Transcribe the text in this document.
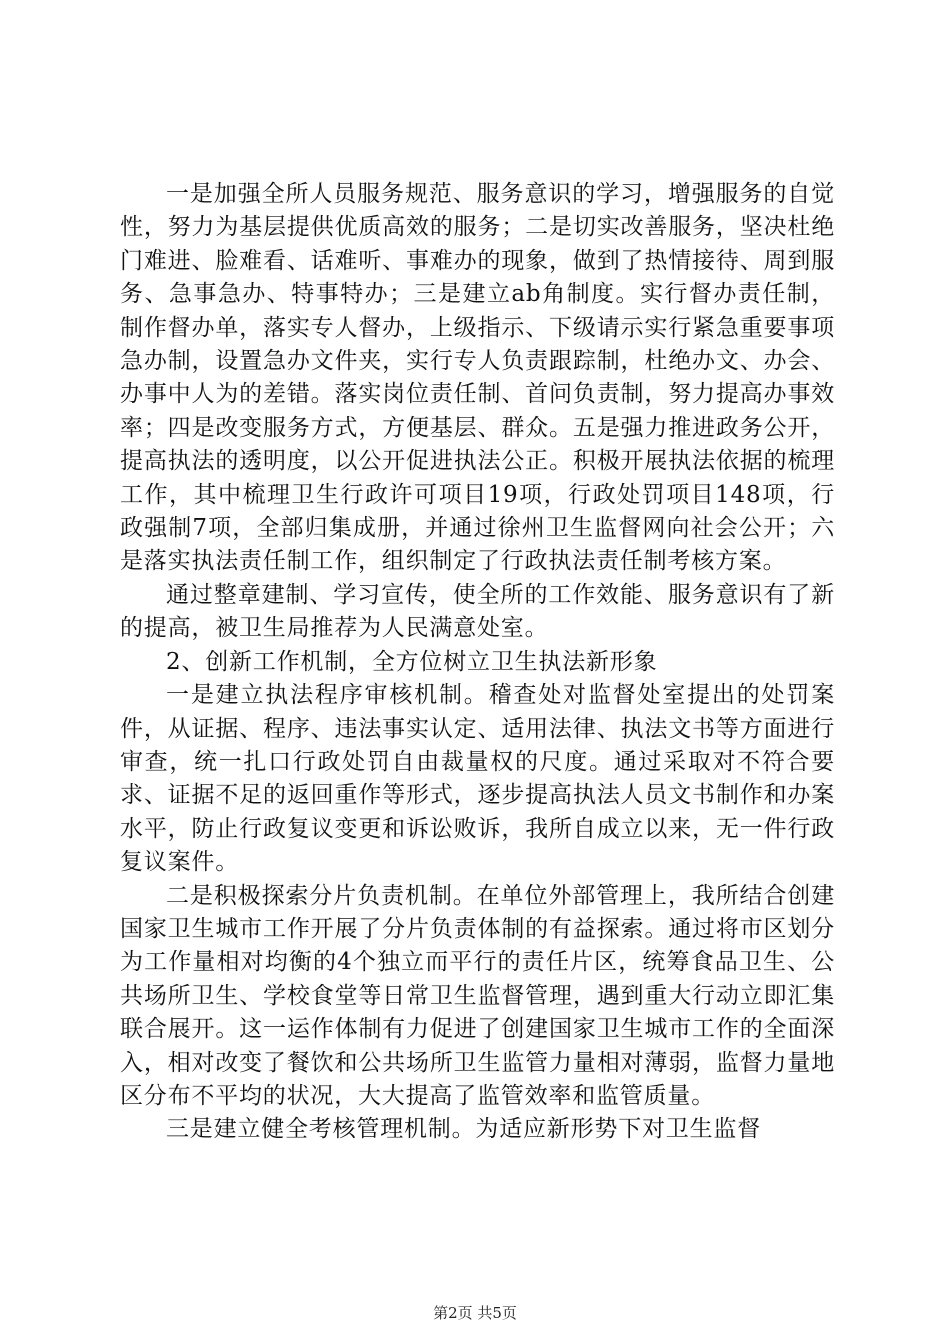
一是加强全所人员服务规范、服务意识的学习，增强服务的自觉性，努力为基层提供优质高效的服务；二是切实改善服务，坚决杜绝门难进、脸难看、话难听、事难办的现象，做到了热情接待、周到服务、急事急办、特事特办；三是建立ab角制度。实行督办责任制，制作督办单，落实专人督办，上级指示、下级请示实行紧急重要事项急办制，设置急办文件夹，实行专人负责跟踪制，杜绝办文、办会、办事中人为的差错。落实岗位责任制、首问负责制，努力提高办事效率；四是改变服务方式，方便基层、群众。五是强力推进政务公开，提高执法的透明度，以公开促进执法公正。积极开展执法依据的梳理工作，其中梳理卫生行政许可项目19项，行政处罚项目148项，行政强制7项，全部归集成册，并通过徐州卫生监督网向社会公开；六是落实执法责任制工作，组织制定了行政执法责任制考核方案。

通过整章建制、学习宣传，使全所的工作效能、服务意识有了新的提高，被卫生局推荐为人民满意处室。

2、创新工作机制，全方位树立卫生执法新形象

一是建立执法程序审核机制。稽查处对监督处室提出的处罚案件，从证据、程序、违法事实认定、适用法律、执法文书等方面进行审查，统一扎口行政处罚自由裁量权的尺度。通过采取对不符合要求、证据不足的返回重作等形式，逐步提高执法人员文书制作和办案水平，防止行政复议变更和诉讼败诉，我所自成立以来，无一件行政复议案件。

二是积极探索分片负责机制。在单位外部管理上，我所结合创建国家卫生城市工作开展了分片负责体制的有益探索。通过将市区划分为工作量相对均衡的4个独立而平行的责任片区，统筹食品卫生、公共场所卫生、学校食堂等日常卫生监督管理，遇到重大行动立即汇集联合展开。这一运作体制有力促进了创建国家卫生城市工作的全面深入，相对改变了餐饮和公共场所卫生监管力量相对薄弱，监督力量地区分布不平均的状况，大大提高了监管效率和监管质量。

三是建立健全考核管理机制。为适应新形势下对卫生监督

第2页 共5页
